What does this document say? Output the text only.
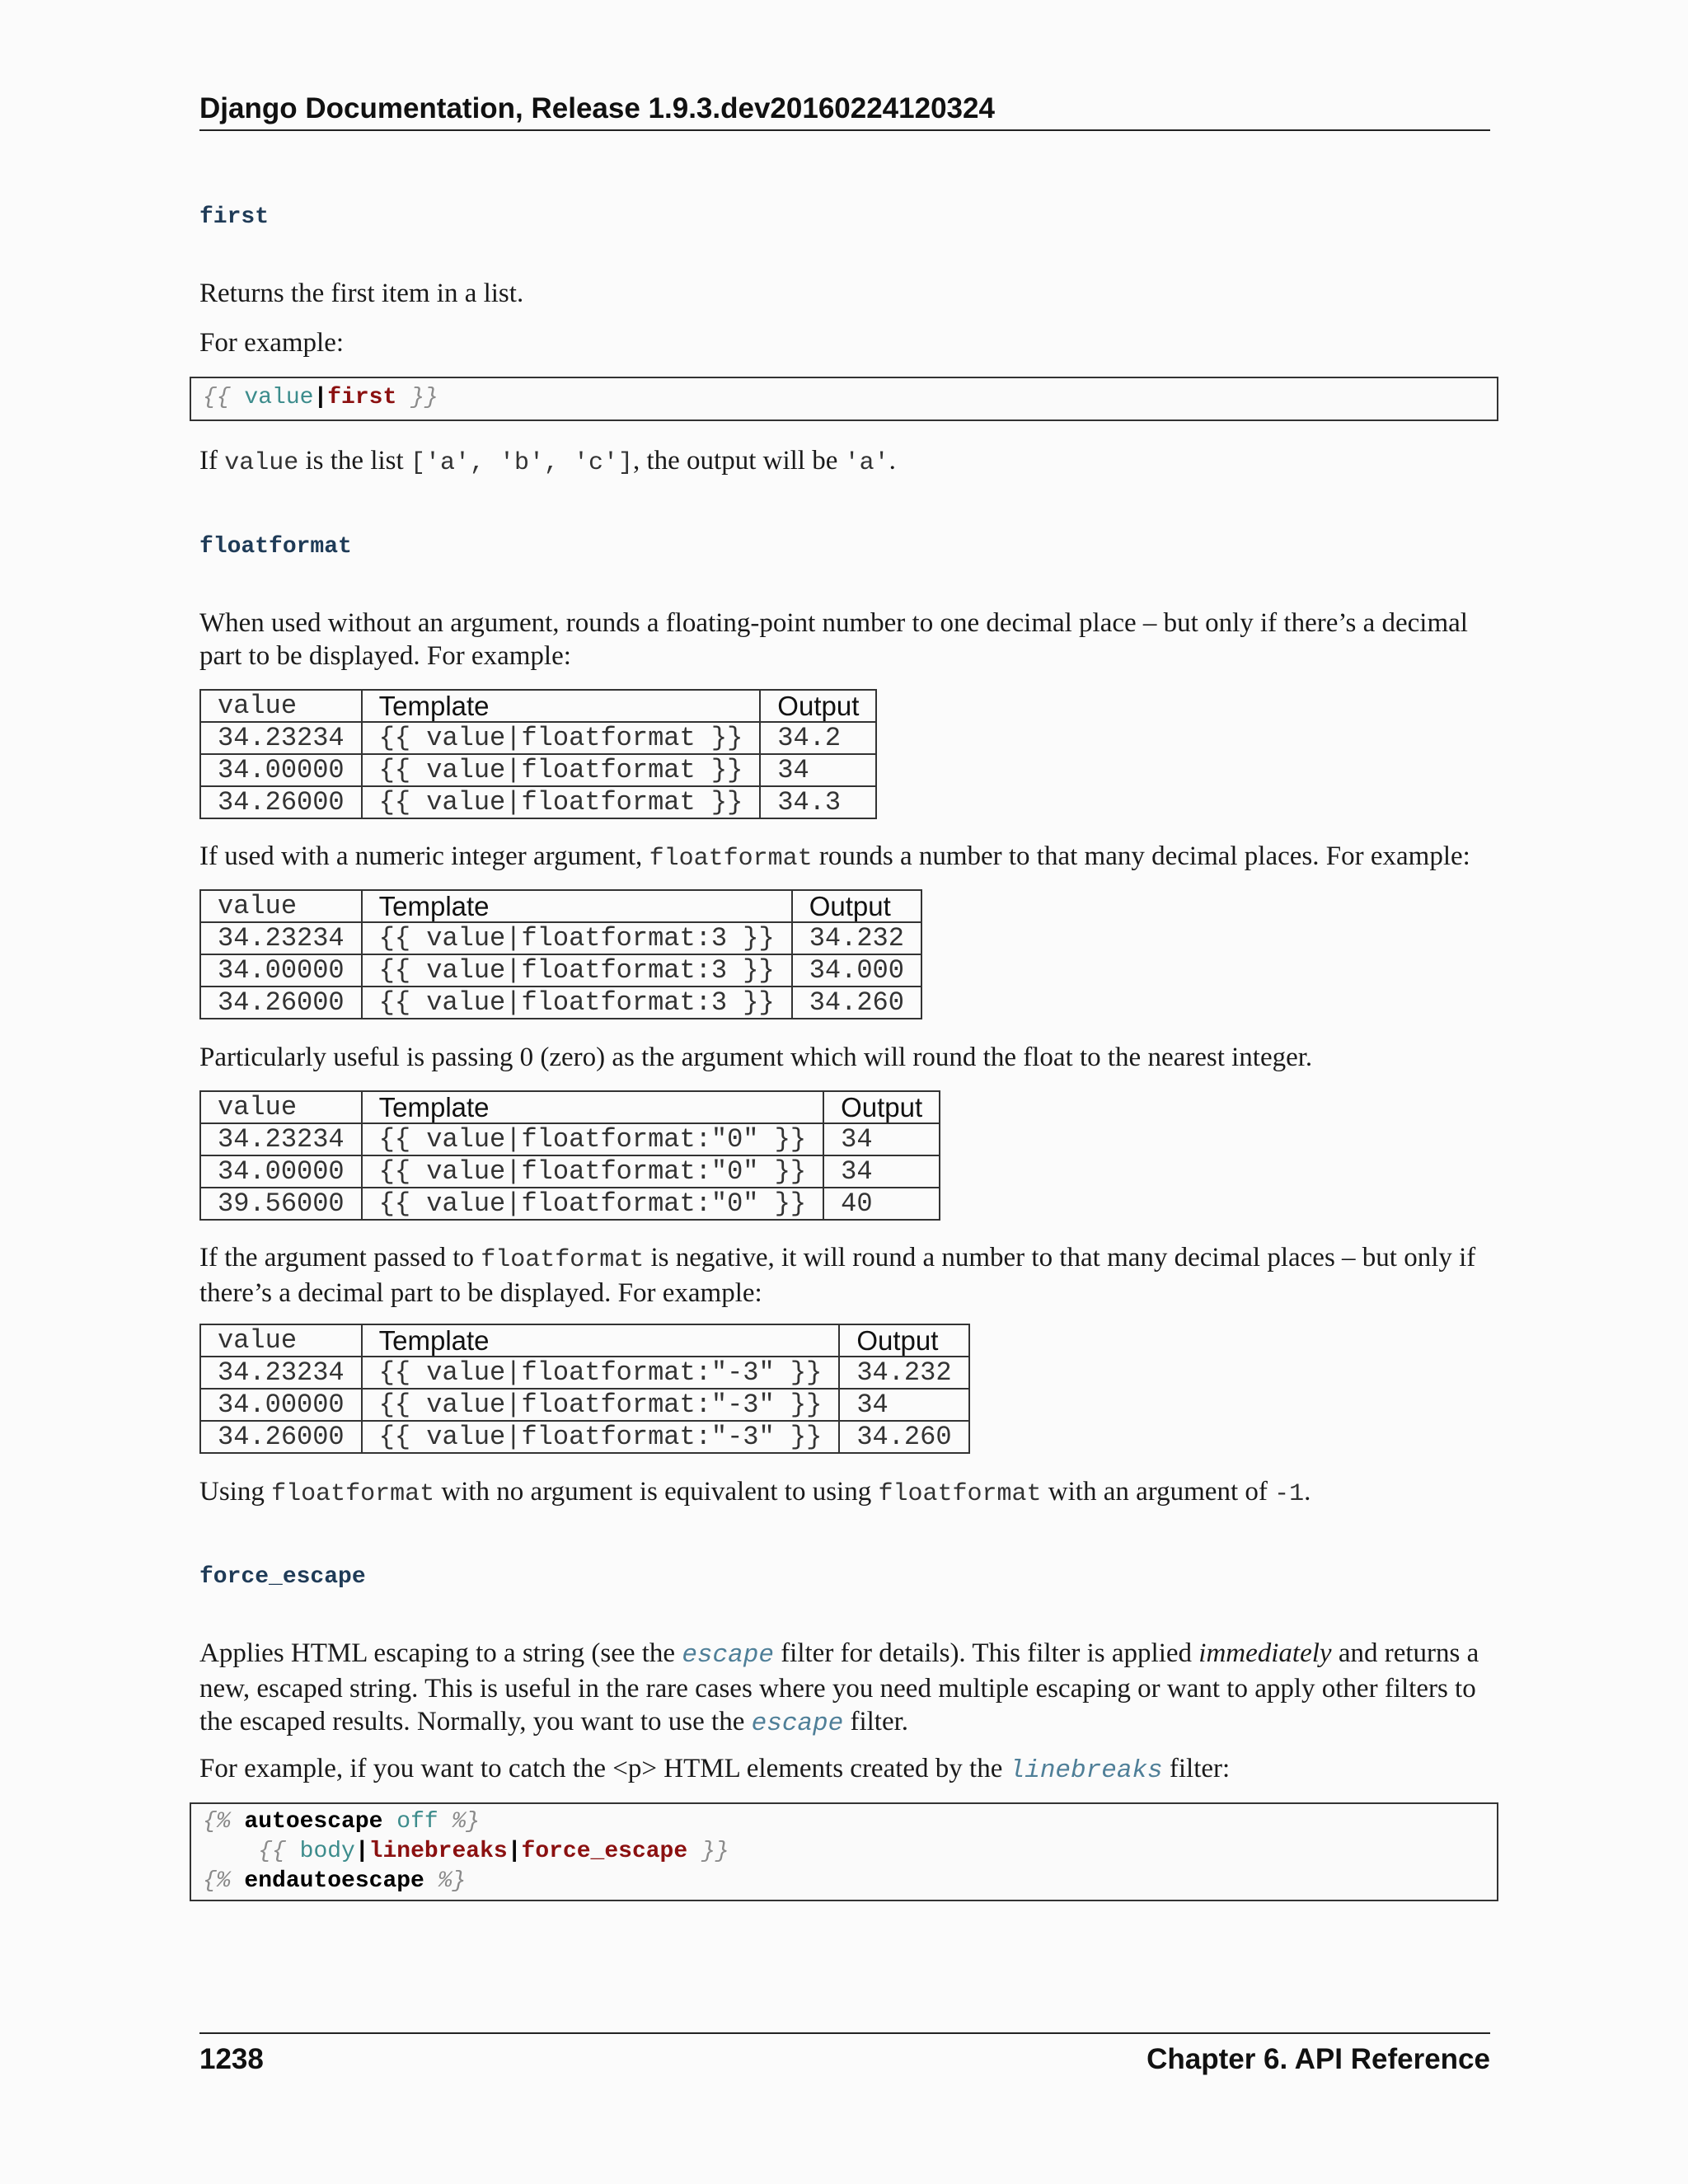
Django Documentation, Release 1.9.3.dev20160224120324
first
Returns the first item in a list.
For example:
{{ value|first }}
If value is the list ['a', 'b', 'c'], the output will be 'a'.
floatformat
When used without an argument, rounds a floating-point number to one decimal place – but only if there’s a decimal part to be displayed. For example:
value	Template	Output
34.23234	{{ value|floatformat }}	34.2
34.00000	{{ value|floatformat }}	34
34.26000	{{ value|floatformat }}	34.3
If used with a numeric integer argument, floatformat rounds a number to that many decimal places. For example:
value	Template	Output
34.23234	{{ value|floatformat:3 }}	34.232
34.00000	{{ value|floatformat:3 }}	34.000
34.26000	{{ value|floatformat:3 }}	34.260
Particularly useful is passing 0 (zero) as the argument which will round the float to the nearest integer.
value	Template	Output
34.23234	{{ value|floatformat:"0" }}	34
34.00000	{{ value|floatformat:"0" }}	34
39.56000	{{ value|floatformat:"0" }}	40
If the argument passed to floatformat is negative, it will round a number to that many decimal places – but only if there’s a decimal part to be displayed. For example:
value	Template	Output
34.23234	{{ value|floatformat:"-3" }}	34.232
34.00000	{{ value|floatformat:"-3" }}	34
34.26000	{{ value|floatformat:"-3" }}	34.260
Using floatformat with no argument is equivalent to using floatformat with an argument of -1.
force_escape
Applies HTML escaping to a string (see the escape filter for details). This filter is applied immediately and returns a new, escaped string. This is useful in the rare cases where you need multiple escaping or want to apply other filters to the escaped results. Normally, you want to use the escape filter.
For example, if you want to catch the <p> HTML elements created by the linebreaks filter:
{% autoescape off %}
{{ body|linebreaks|force_escape }}
{% endautoescape %}
1238	Chapter 6. API Reference
